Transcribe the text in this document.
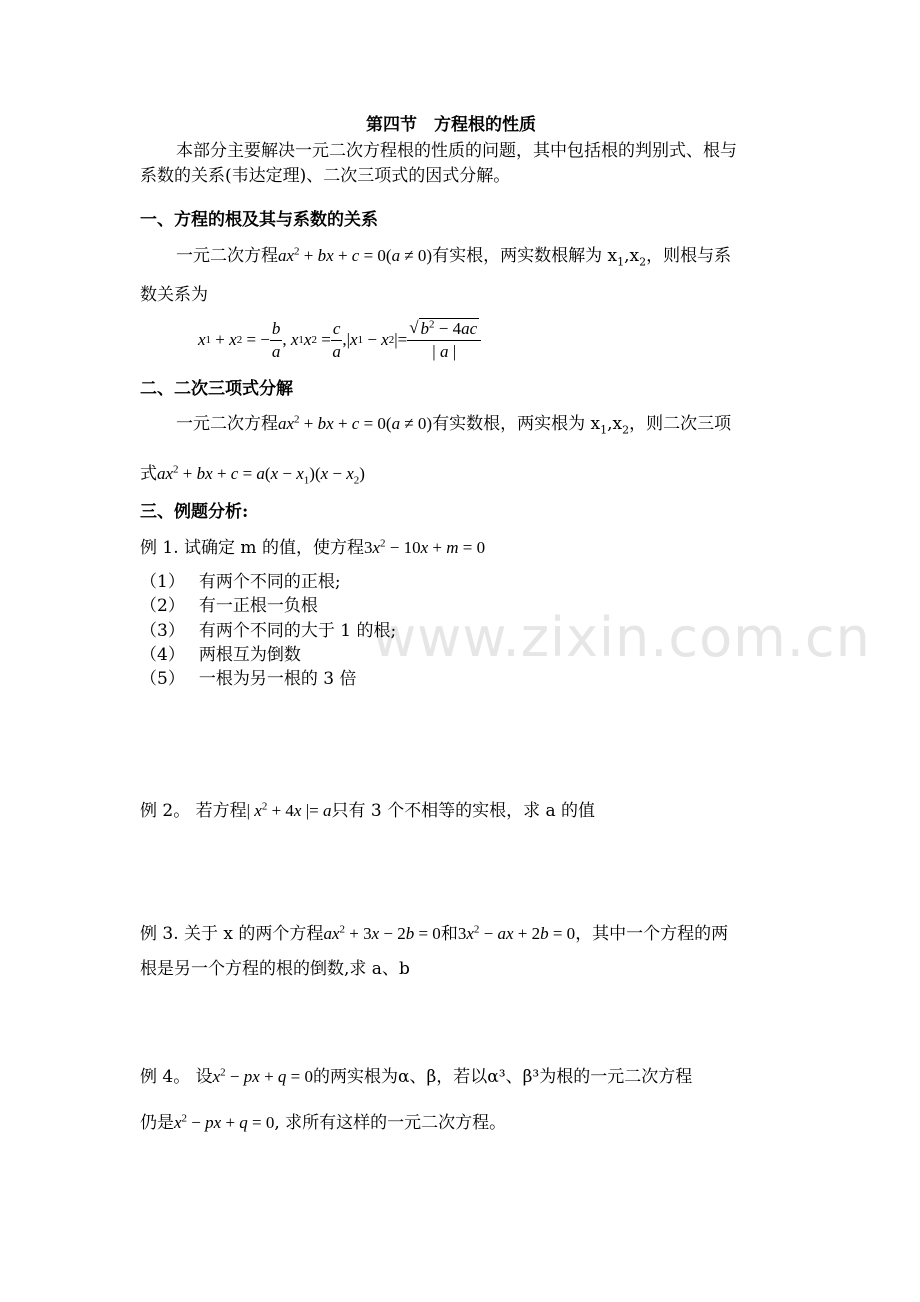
www.zixin.com.cn
第四节　方程根的性质
本部分主要解决一元二次方程根的性质的问题，其中包括根的判别式、根与
系数的关系(韦达定理)、二次三项式的因式分解。
一、方程的根及其与系数的关系
一元二次方程$ax^2$ + bx + c = 0(a ≠ 0)有实根，两实数根解为 $x_1,x_2$，则根与系
数关系为
x 1
+ x 2
= − $\frac{b}{a}$ , x 1 x 2
= $\frac{c}{a}$ ,| x 1
− x 2 |= $\frac{√ b^2 - 4ac}{| a |}$
二、二次三项式分解
一元二次方程$ax^2$ + bx + c = 0(a ≠ 0)有实数根，两实根为 $x_1,x_2$，则二次三项
式$ax^2$ + bx + $c = a(x - x_1)(x - x_2)$
三、例题分析:
例 1. 试确定 m 的值，使方程$3x^2 - 10x + m = 0$
（1） 有两个不同的正根;
（2） 有一正根一负根
（3） 有两个不同的大于 1 的根;
（4） 两根互为倒数
（5） 一根为另一根的 3 倍
例 2。 若方程| $x^2 + 4x$ |= a只有 3 个不相等的实根，求 a 的值
例 3. 关于 x 的两个方程$ax^2 + 3x - 2b = 0$和$3x^2$ − ax + 2b = 0，其中一个方程的两
根是另一个方程的根的倒数,求 a、b
例 4。 设$x^2$ − px + q = 0的两实根为α、β，若以α³、β³为根的一元二次方程
仍是$x^2$ − px + q = 0, 求所有这样的一元二次方程。
